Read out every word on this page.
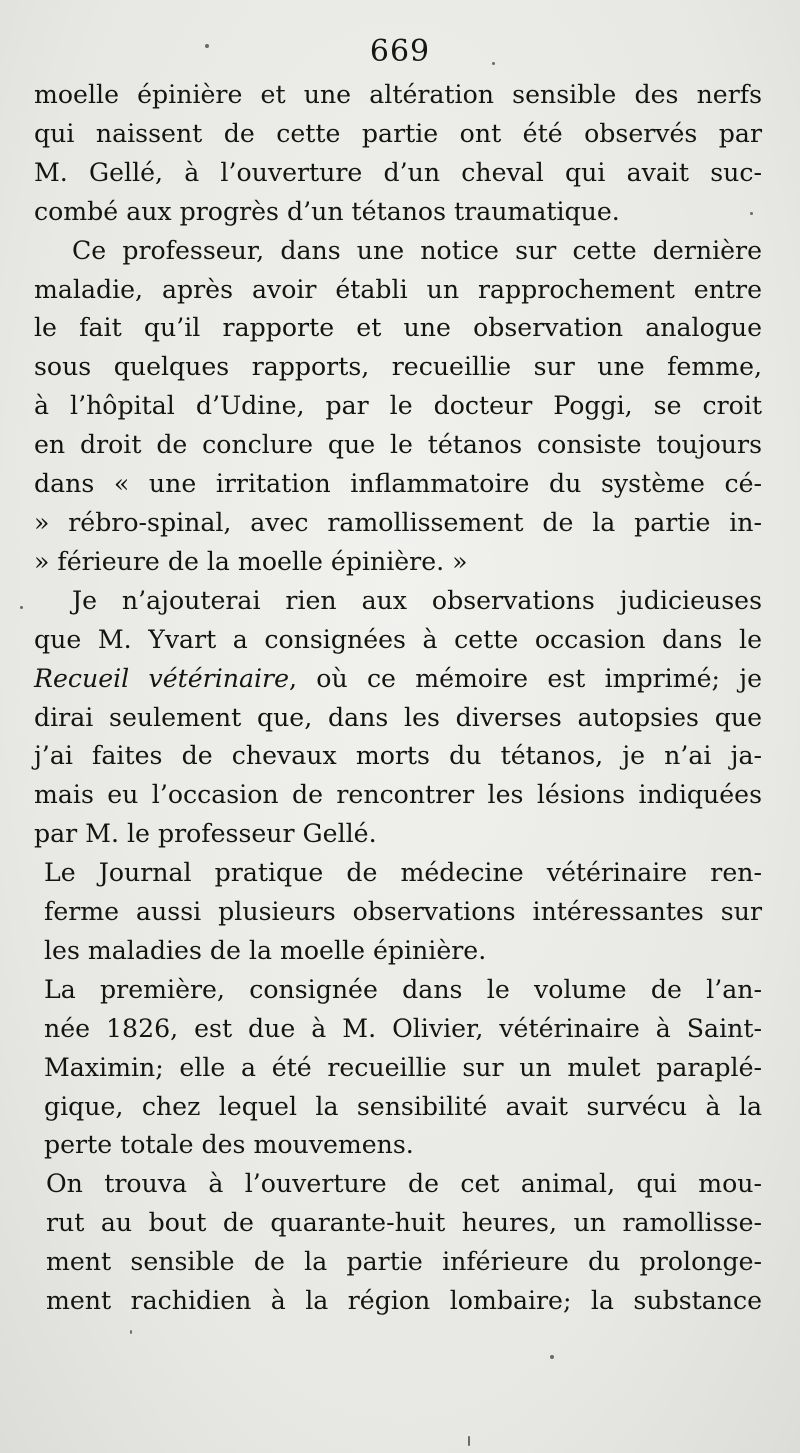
669
moelle épinière et une altération sensible des nerfs
qui naissent de cette partie ont été observés par
M. Gellé, à l’ouverture d’un cheval qui avait suc-
combé aux progrès d’un tétanos traumatique.
Ce professeur, dans une notice sur cette dernière
maladie, après avoir établi un rapprochement entre
le fait qu’il rapporte et une observation analogue
sous quelques rapports, recueillie sur une femme,
à l’hôpital d’Udine, par le docteur Poggi, se croit
en droit de conclure que le tétanos consiste toujours
dans « une irritation inflammatoire du système cé-
» rébro-spinal, avec ramollissement de la partie in-
» férieure de la moelle épinière. »
Je n’ajouterai rien aux observations judicieuses
que M. Yvart a consignées à cette occasion dans le
Recueil vétérinaire, où ce mémoire est imprimé; je
dirai seulement que, dans les diverses autopsies que
j’ai faites de chevaux morts du tétanos, je n’ai ja-
mais eu l’occasion de rencontrer les lésions indiquées
par M. le professeur Gellé.
Le Journal pratique de médecine vétérinaire ren-
ferme aussi plusieurs observations intéressantes sur
les maladies de la moelle épinière.
La première, consignée dans le volume de l’an-
née 1826, est due à M. Olivier, vétérinaire à Saint-
Maximin; elle a été recueillie sur un mulet paraplé-
gique, chez lequel la sensibilité avait survécu à la
perte totale des mouvemens.
On trouva à l’ouverture de cet animal, qui mou-
rut au bout de quarante-huit heures, un ramollisse-
ment sensible de la partie inférieure du prolonge-
ment rachidien à la région lombaire; la substance
